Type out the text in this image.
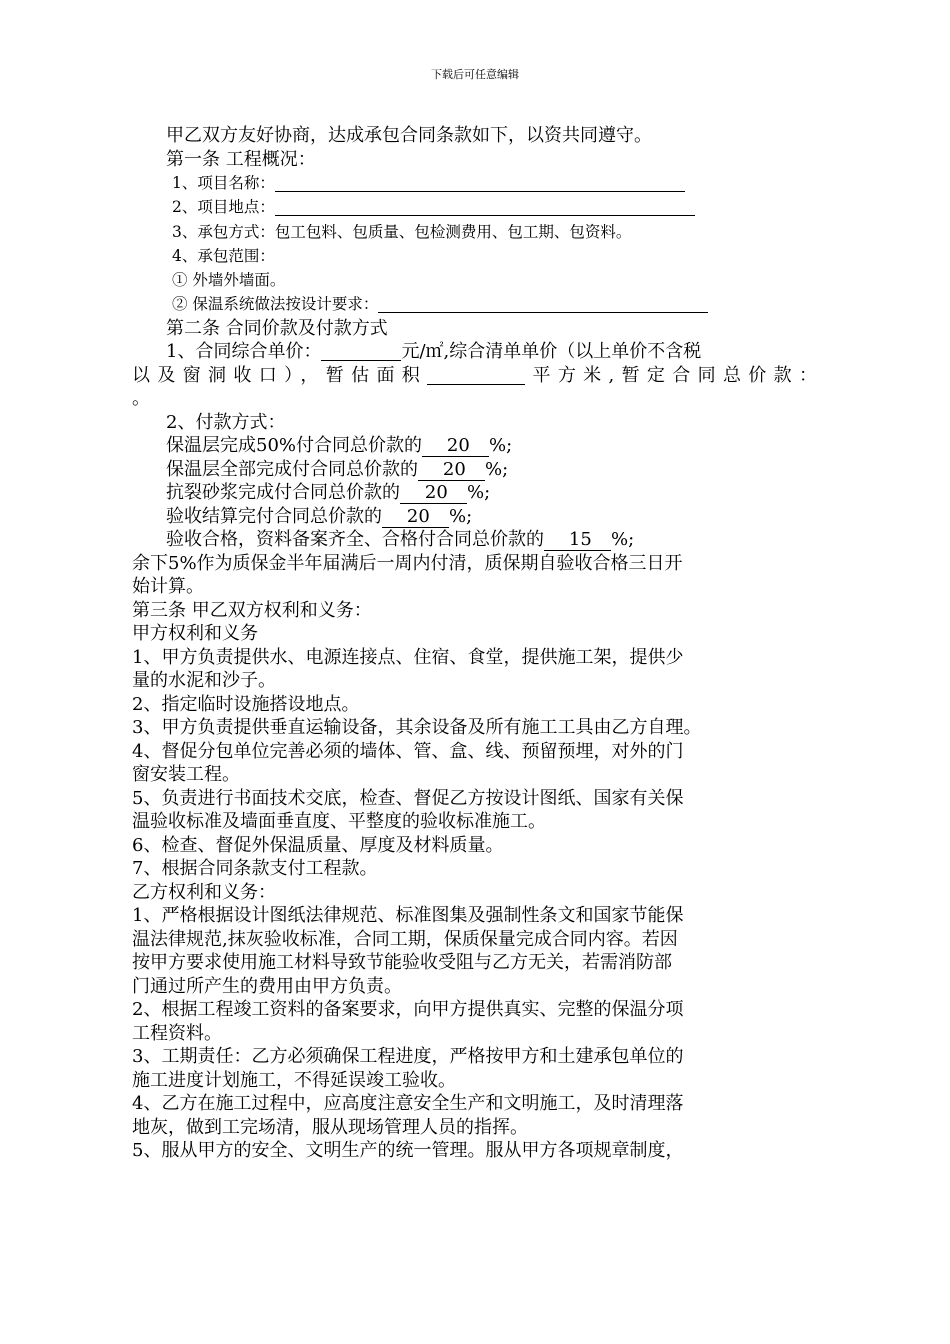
下载后可任意编辑
甲乙双方友好协商，达成承包合同条款如下，以资共同遵守。
第一条 工程概况：
1、项目名称：
2、项目地点：
3、承包方式：包工包料、包质量、包检测费用、包工期、包资料。
4、承包范围：
① 外墙外墙面。
② 保温系统做法按设计要求：
第二条 合同价款及付款方式
1、合同综合单价：	元/㎡,综合清单单价（以上单价不含税
以及窗洞收口），暂估面积	平方米,暂定合同总价款：
。
2、付款方式：
保温层完成50%付合同总价款的 20 %;
保温层全部完成付合同总价款的 20 %;
抗裂砂浆完成付合同总价款的 20 %;
验收结算完付合同总价款的 20 %;
验收合格，资料备案齐全、合格付合同总价款的 15 %;
余下5%作为质保金半年届满后一周内付清，质保期自验收合格三日开
始计算。
第三条 甲乙双方权利和义务：
甲方权利和义务
1、甲方负责提供水、电源连接点、住宿、食堂，提供施工架，提供少
量的水泥和沙子。
2、指定临时设施搭设地点。
3、甲方负责提供垂直运输设备，其余设备及所有施工工具由乙方自理。
4、督促分包单位完善必须的墙体、管、盒、线、预留预埋，对外的门
窗安装工程。
5、负责进行书面技术交底，检查、督促乙方按设计图纸、国家有关保
温验收标准及墙面垂直度、平整度的验收标准施工。
6、检查、督促外保温质量、厚度及材料质量。
7、根据合同条款支付工程款。
乙方权利和义务：
1、严格根据设计图纸法律规范、标准图集及强制性条文和国家节能保
温法律规范,抹灰验收标准，合同工期，保质保量完成合同内容。若因
按甲方要求使用施工材料导致节能验收受阻与乙方无关，若需消防部
门通过所产生的费用由甲方负责。
2、根据工程竣工资料的备案要求，向甲方提供真实、完整的保温分项
工程资料。
3、工期责任：乙方必须确保工程进度，严格按甲方和土建承包单位的
施工进度计划施工，不得延误竣工验收。
4、乙方在施工过程中，应高度注意安全生产和文明施工，及时清理落
地灰，做到工完场清，服从现场管理人员的指挥。
5、服从甲方的安全、文明生产的统一管理。服从甲方各项规章制度，
